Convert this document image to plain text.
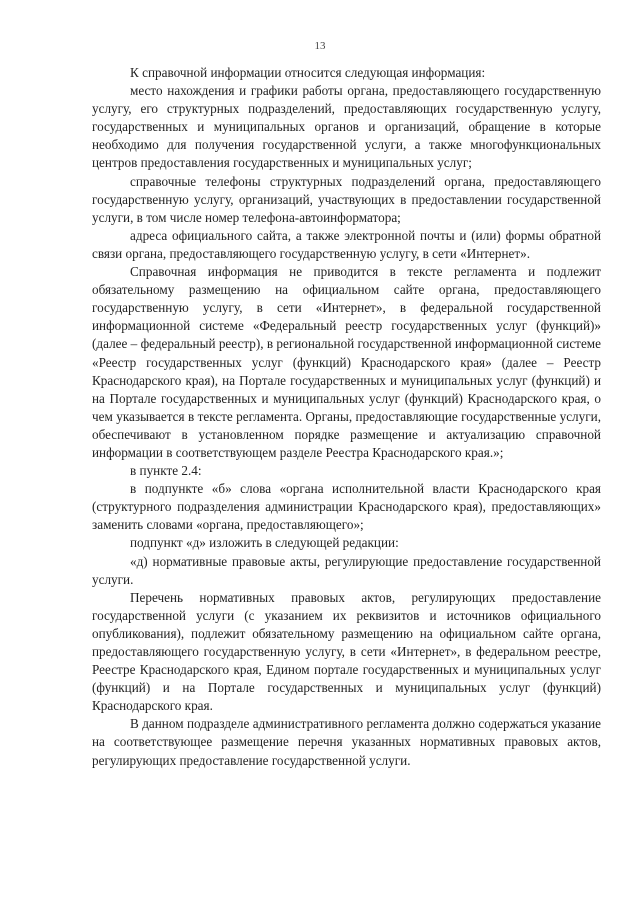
13

К справочной информации относится следующая информация:

место нахождения и графики работы органа, предоставляющего государственную услугу, его структурных подразделений, предоставляющих государственную услугу, государственных и муниципальных органов и организаций, обращение в которые необходимо для получения государственной услуги, а также многофункциональных центров предоставления государственных и муниципальных услуг;

справочные телефоны структурных подразделений органа, предоставляющего государственную услугу, организаций, участвующих в предоставлении государственной услуги, в том числе номер телефона-автоинформатора;

адреса официального сайта, а также электронной почты и (или) формы обратной связи органа, предоставляющего государственную услугу, в сети «Интернет».

Справочная информация не приводится в тексте регламента и подлежит обязательному размещению на официальном сайте органа, предоставляющего государственную услугу, в сети «Интернет», в федеральной государственной информационной системе «Федеральный реестр государственных услуг (функций)» (далее – федеральный реестр), в региональной государственной информационной системе «Реестр государственных услуг (функций) Краснодарского края» (далее – Реестр Краснодарского края), на Портале государственных и муниципальных услуг (функций) и на Портале государственных и муниципальных услуг (функций) Краснодарского края, о чем указывается в тексте регламента. Органы, предоставляющие государственные услуги, обеспечивают в установленном порядке размещение и актуализацию справочной информации в соответствующем разделе Реестра Краснодарского края.»;

в пункте 2.4:

в подпункте «б» слова «органа исполнительной власти Краснодарского края (структурного подразделения администрации Краснодарского края), предоставляющих» заменить словами «органа, предоставляющего»;

подпункт «д» изложить в следующей редакции:

«д) нормативные правовые акты, регулирующие предоставление государственной услуги.

Перечень нормативных правовых актов, регулирующих предоставление государственной услуги (с указанием их реквизитов и источников официального опубликования), подлежит обязательному размещению на официальном сайте органа, предоставляющего государственную услугу, в сети «Интернет», в федеральном реестре, Реестре Краснодарского края, Едином портале государственных и муниципальных услуг (функций) и на Портале государственных и муниципальных услуг (функций) Краснодарского края.

В данном подразделе административного регламента должно содержаться указание на соответствующее размещение перечня указанных нормативных правовых актов, регулирующих предоставление государственной услуги.
